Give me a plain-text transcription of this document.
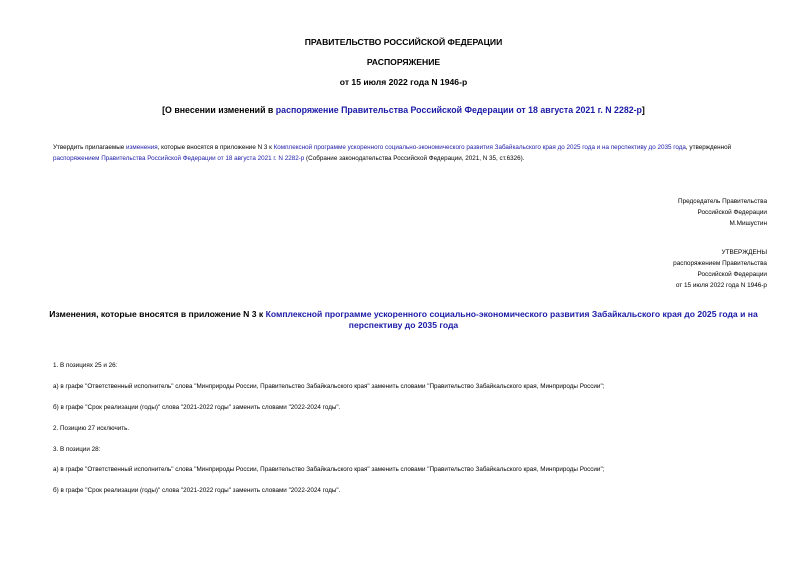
ПРАВИТЕЛЬСТВО РОССИЙСКОЙ ФЕДЕРАЦИИ
РАСПОРЯЖЕНИЕ
от 15 июля 2022 года N 1946-р
[О внесении изменений в распоряжение Правительства Российской Федерации от 18 августа 2021 г. N 2282-р]
Утвердить прилагаемые изменения, которые вносятся в приложение N 3 к Комплексной программе ускоренного социально-экономического развития Забайкальского края до 2025 года и на перспективу до 2035 года, утвержденной распоряжением Правительства Российской Федерации от 18 августа 2021 г. N 2282-р (Собрание законодательства Российской Федерации, 2021, N 35, ст.6326).
Председатель Правительства
Российской Федерации
М.Мишустин
УТВЕРЖДЕНЫ
распоряжением Правительства
Российской Федерации
от 15 июля 2022 года N 1946-р
Изменения, которые вносятся в приложение N 3 к Комплексной программе ускоренного социально-экономического развития Забайкальского края до 2025 года и на перспективу до 2035 года
1. В позициях 25 и 26:
а) в графе "Ответственный исполнитель" слова "Минприроды России, Правительство Забайкальского края" заменить словами "Правительство Забайкальского края, Минприроды России";
б) в графе "Срок реализации (годы)" слова "2021-2022 годы" заменить словами "2022-2024 годы".
2. Позицию 27 исключить.
3. В позиции 28:
а) в графе "Ответственный исполнитель" слова "Минприроды России, Правительство Забайкальского края" заменить словами "Правительство Забайкальского края, Минприроды России";
б) в графе "Срок реализации (годы)" слова "2021-2022 годы" заменить словами "2022-2024 годы".
